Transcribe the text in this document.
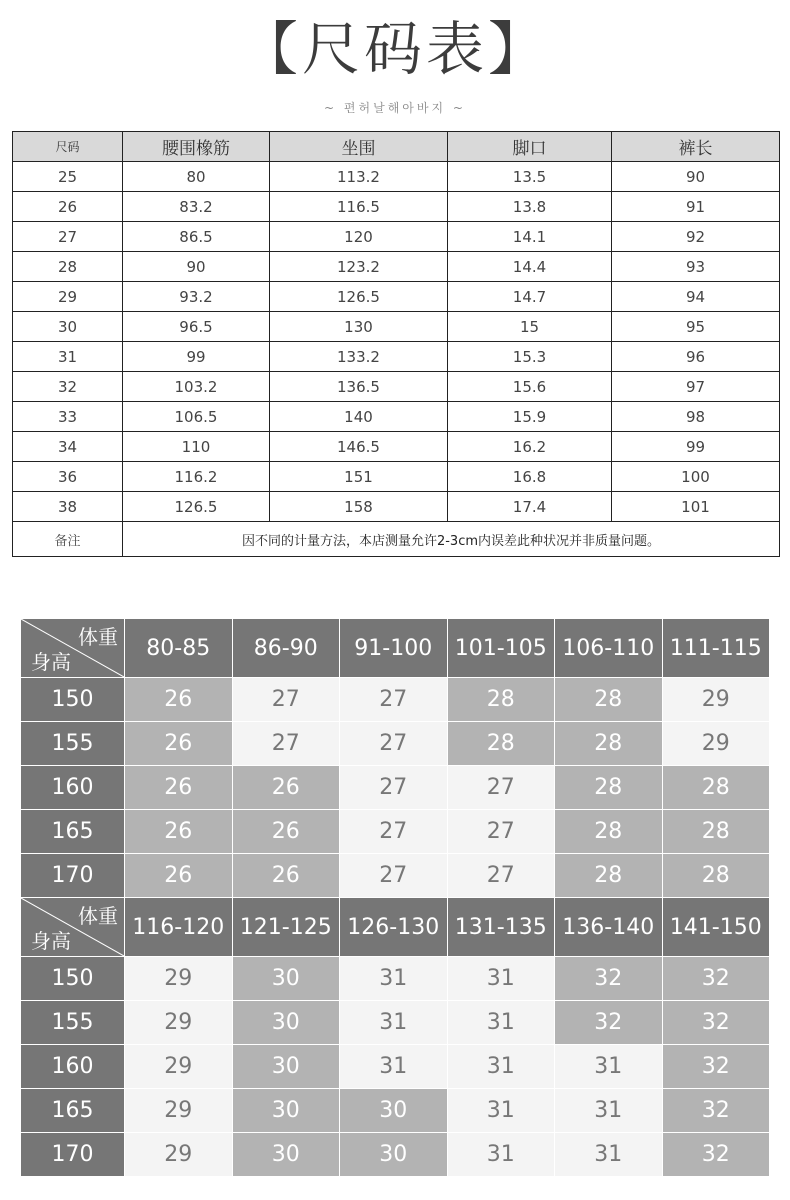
【尺码表】
~ 편허날해아바지 ~
尺码	腰围橡筋	坐围	脚口	裤长
25	80	113.2	13.5	90
26	83.2	116.5	13.8	91
27	86.5	120	14.1	92
28	90	123.2	14.4	93
29	93.2	126.5	14.7	94
30	96.5	130	15	95
31	99	133.2	15.3	96
32	103.2	136.5	15.6	97
33	106.5	140	15.9	98
34	110	146.5	16.2	99
36	116.2	151	16.8	100
38	126.5	158	17.4	101
备注	因不同的计量方法，本店测量允许2-3cm内误差此种状况并非质量问题。			
体重
身高	80-85	86-90	91-100	101-105	106-110	111-115
150	26	27	27	28	28	29
155	26	27	27	28	28	29
160	26	26	27	27	28	28
165	26	26	27	27	28	28
170	26	26	27	27	28	28

体重
身高	116-120	121-125	126-130	131-135	136-140	141-150
150	29	30	31	31	32	32
155	29	30	31	31	32	32
160	29	30	31	31	31	32
165	29	30	30	31	31	32
170	29	30	30	31	31	32
